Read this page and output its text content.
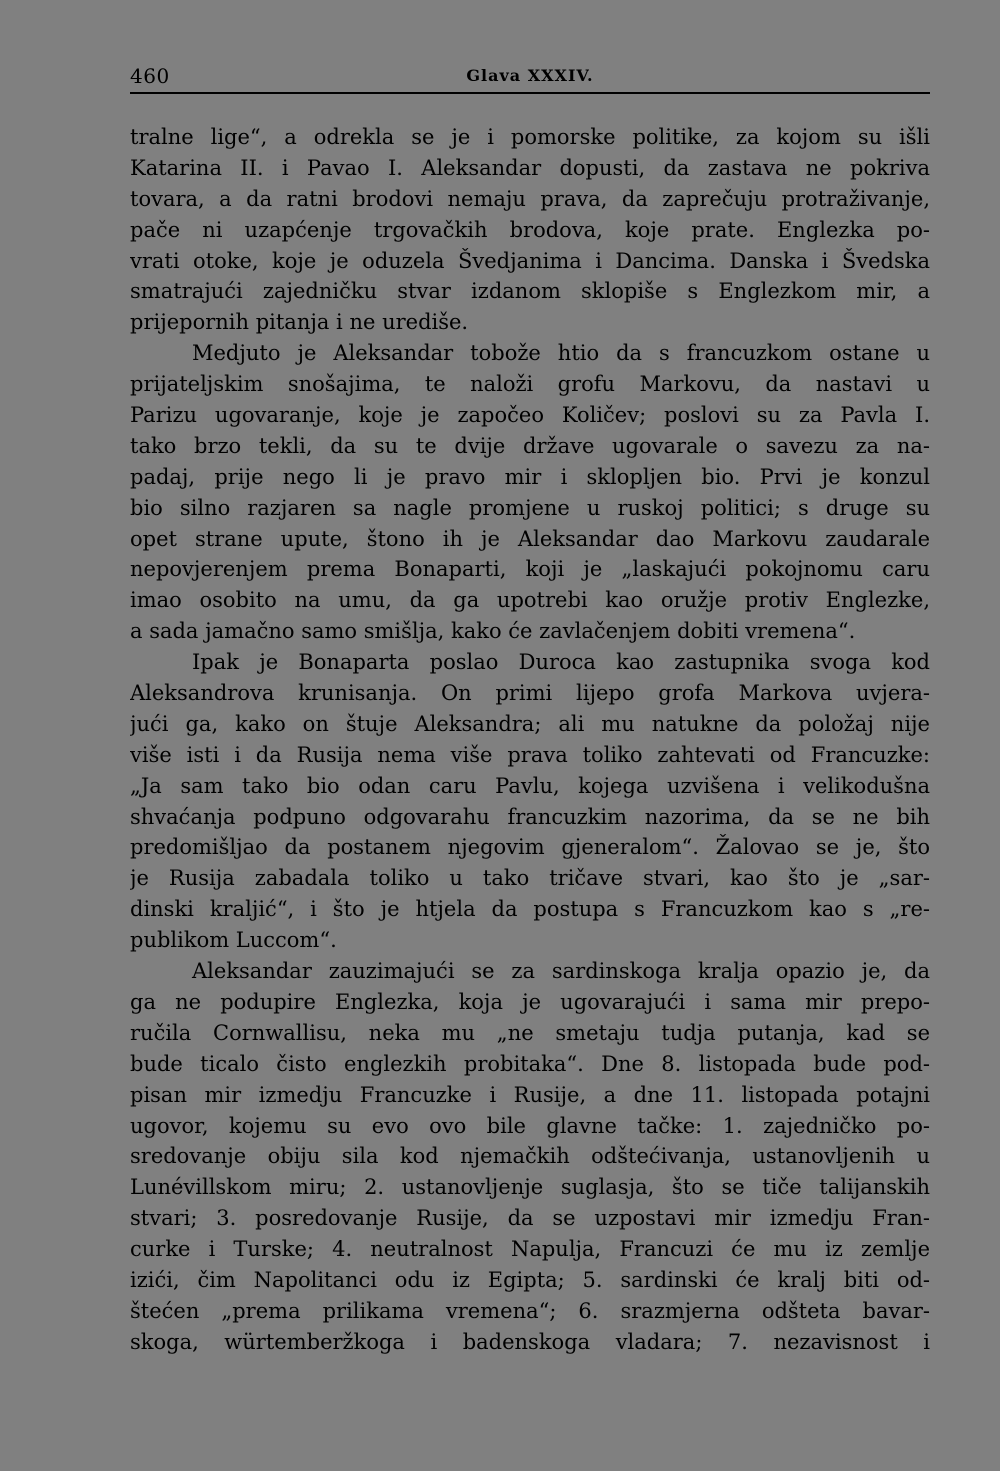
460	Glava XXXIV.
tralne lige“, a odrekla se je i pomorske politike, za kojom su išli
Katarina II. i Pavao I. Aleksandar dopusti, da zastava ne pokriva
tovara, a da ratni brodovi nemaju prava, da zaprečuju protraživanje,
pače ni uzapćenje trgovačkih brodova, koje prate. Englezka po-
vrati otoke, koje je oduzela Švedjanima i Dancima. Danska i Švedska
smatrajući zajedničku stvar izdanom sklopiše s Englezkom mir, a
prijepornih pitanja i ne urediše.
Medjuto je Aleksandar tobože htio da s francuzkom ostane u
prijateljskim snošajima, te naloži grofu Markovu, da nastavi u
Parizu ugovaranje, koje je započeo Količev; poslovi su za Pavla I.
tako brzo tekli, da su te dvije države ugovarale o savezu za na-
padaj, prije nego li je pravo mir i sklopljen bio. Prvi je konzul
bio silno razjaren sa nagle promjene u ruskoj politici; s druge su
opet strane upute, štono ih je Aleksandar dao Markovu zaudarale
nepovjerenjem prema Bonaparti, koji je „laskajući pokojnomu caru
imao osobito na umu, da ga upotrebi kao oružje protiv Englezke,
a sada jamačno samo smišlja, kako će zavlačenjem dobiti vremena“.
Ipak je Bonaparta poslao Duroca kao zastupnika svoga kod
Aleksandrova krunisanja. On primi lijepo grofa Markova uvjera-
jući ga, kako on štuje Aleksandra; ali mu natukne da položaj nije
više isti i da Rusija nema više prava toliko zahtevati od Francuzke:
„Ja sam tako bio odan caru Pavlu, kojega uzvišena i velikodušna
shvaćanja podpuno odgovarahu francuzkim nazorima, da se ne bih
predomišljao da postanem njegovim gjeneralom“. Žalovao se je, što
je Rusija zabadala toliko u tako tričave stvari, kao što je „sar-
dinski kraljić“, i što je htjela da postupa s Francuzkom kao s „re-
publikom Luccom“.
Aleksandar zauzimajući se za sardinskoga kralja opazio je, da
ga ne podupire Englezka, koja je ugovarajući i sama mir prepo-
ručila Cornwallisu, neka mu „ne smetaju tudja putanja, kad se
bude ticalo čisto englezkih probitaka“. Dne 8. listopada bude pod-
pisan mir izmedju Francuzke i Rusije, a dne 11. listopada potajni
ugovor, kojemu su evo ovo bile glavne tačke: 1. zajedničko po-
sredovanje obiju sila kod njemačkih odštećivanja, ustanovljenih u
Lunévillskom miru; 2. ustanovljenje suglasja, što se tiče talijanskih
stvari; 3. posredovanje Rusije, da se uzpostavi mir izmedju Fran-
curke i Turske; 4. neutralnost Napulja, Francuzi će mu iz zemlje
izići, čim Napolitanci odu iz Egipta; 5. sardinski će kralj biti od-
štećen „prema prilikama vremena“; 6. srazmjerna odšteta bavar-
skoga, würtemberžkoga i badenskoga vladara; 7. nezavisnost i
